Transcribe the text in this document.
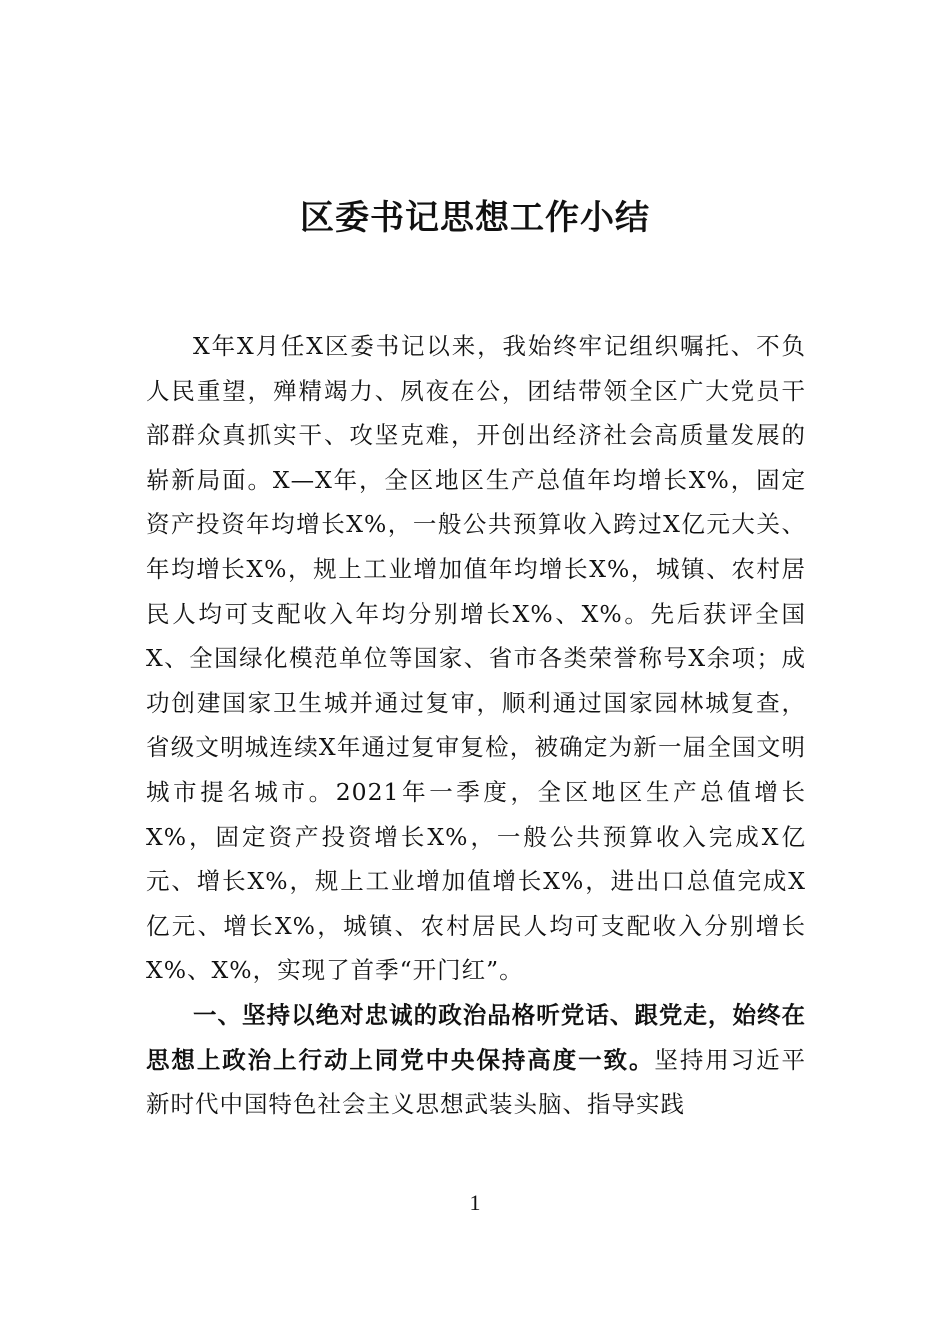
区委书记思想工作小结

X年X月任X区委书记以来，我始终牢记组织嘱托、不负人民重望，殚精竭力、夙夜在公，团结带领全区广大党员干部群众真抓实干、攻坚克难，开创出经济社会高质量发展的崭新局面。X—X年，全区地区生产总值年均增长X%，固定资产投资年均增长X%，一般公共预算收入跨过X亿元大关、年均增长X%，规上工业增加值年均增长X%，城镇、农村居民人均可支配收入年均分别增长X%、X%。先后获评全国X、全国绿化模范单位等国家、省市各类荣誉称号X余项；成功创建国家卫生城并通过复审，顺利通过国家园林城复查，省级文明城连续X年通过复审复检，被确定为新一届全国文明城市提名城市。2021年一季度，全区地区生产总值增长X%，固定资产投资增长X%，一般公共预算收入完成X亿元、增长X%，规上工业增加值增长X%，进出口总值完成X亿元、增长X%，城镇、农村居民人均可支配收入分别增长X%、X%，实现了首季“开门红”。

一、坚持以绝对忠诚的政治品格听党话、跟党走，始终在思想上政治上行动上同党中央保持高度一致。坚持用习近平新时代中国特色社会主义思想武装头脑、指导实践

1
